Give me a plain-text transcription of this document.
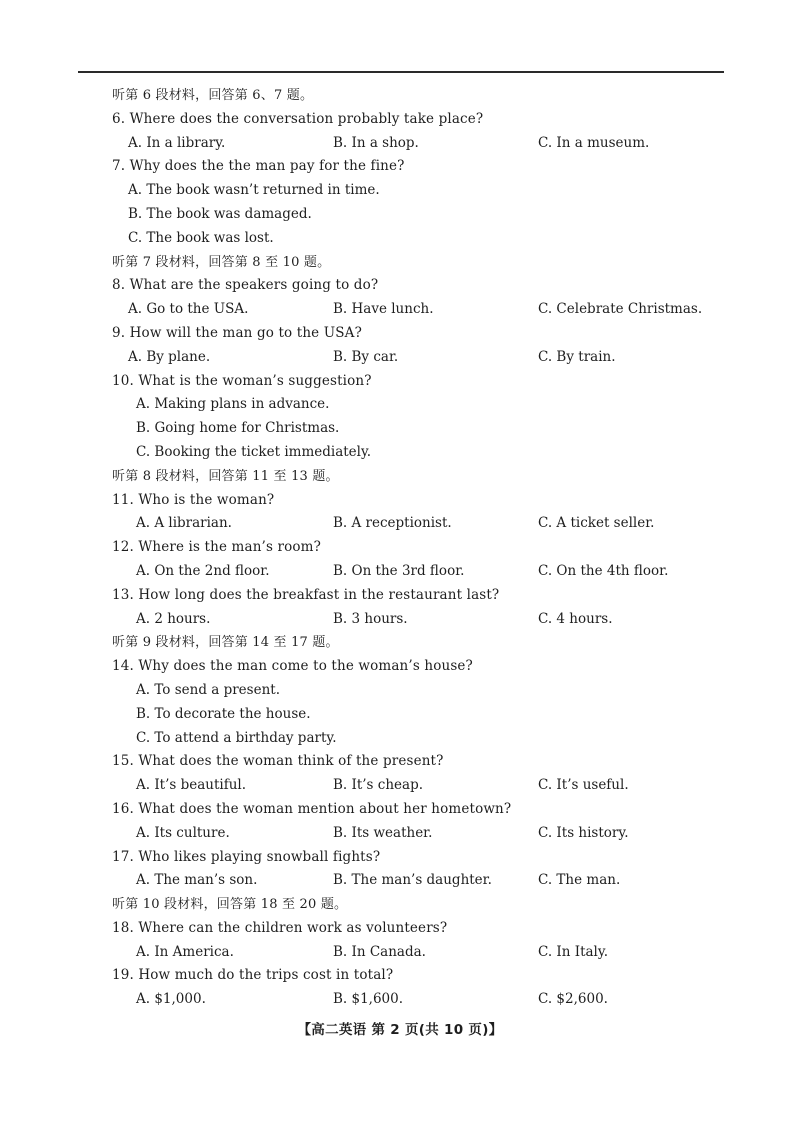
听第 6 段材料，回答第 6、7 题。
6. Where does the conversation probably take place?
A. In a library.	B. In a shop.	C. In a museum.
7. Why does the the man pay for the fine?
A. The book wasn’t returned in time.
B. The book was damaged.
C. The book was lost.
听第 7 段材料，回答第 8 至 10 题。
8. What are the speakers going to do?
A. Go to the USA.	B. Have lunch.	C. Celebrate Christmas.
9. How will the man go to the USA?
A. By plane.	B. By car.	C. By train.
10. What is the woman’s suggestion?
A. Making plans in advance.
B. Going home for Christmas.
C. Booking the ticket immediately.
听第 8 段材料，回答第 11 至 13 题。
11. Who is the woman?
A. A librarian.	B. A receptionist.	C. A ticket seller.
12. Where is the man’s room?
A. On the 2nd floor.	B. On the 3rd floor.	C. On the 4th floor.
13. How long does the breakfast in the restaurant last?
A. 2 hours.	B. 3 hours.	C. 4 hours.
听第 9 段材料，回答第 14 至 17 题。
14. Why does the man come to the woman’s house?
A. To send a present.
B. To decorate the house.
C. To attend a birthday party.
15. What does the woman think of the present?
A. It’s beautiful.	B. It’s cheap.	C. It’s useful.
16. What does the woman mention about her hometown?
A. Its culture.	B. Its weather.	C. Its history.
17. Who likes playing snowball fights?
A. The man’s son.	B. The man’s daughter.	C. The man.
听第 10 段材料，回答第 18 至 20 题。
18. Where can the children work as volunteers?
A. In America.	B. In Canada.	C. In Italy.
19. How much do the trips cost in total?
A. $1,000.	B. $1,600.	C. $2,600.
【高二英语 第 2 页(共 10 页)】
